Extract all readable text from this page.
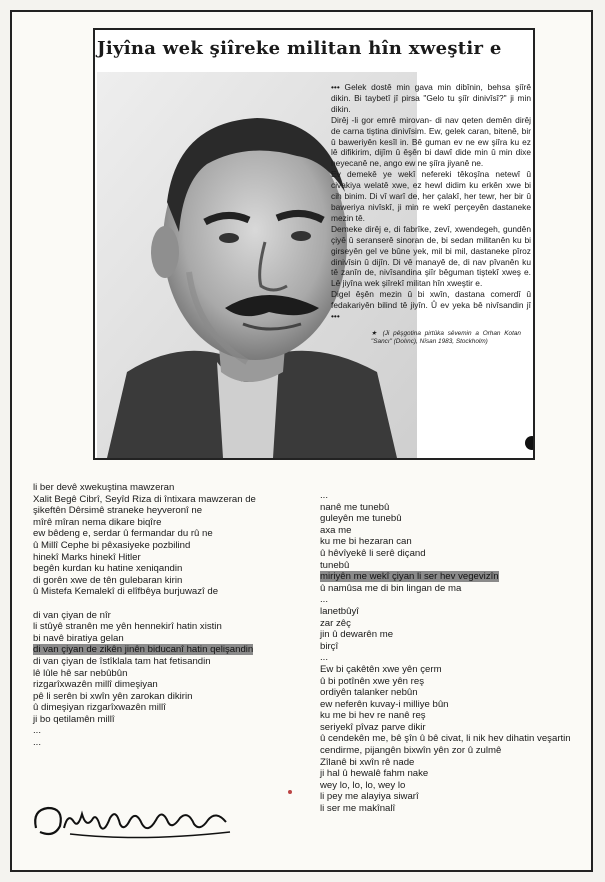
Jiyîna wek şiîreke militan hîn xweştir e

••• Gelek dostê min gava min dibînin, behsa şiîrê dikin. Bi taybetî jî pirsa "Gelo tu şiîr dinivîsî?" ji min dikin.

Dirêj -li gor emrê mirovan- di nav qeten demên dirêj de carna tiştina dinivîsim. Ew, gelek caran, bitenê, bir û baweriyên kesîl in. Bê guman ev ne ew şiîra ku ez lê difikirim, dijîm û êşên bi dawî dide min û min dixe heyecanê ne, ango ew ne şiîra jiyanê ne.

Ev demekê ye wekî nefereki têkoşîna netewî û civakiya welatê xwe, ez hewl didim ku erkên xwe bi cih binim. Di vî warî de, her çalakî, her tewr, her bir û baweriya nivîskî, ji min re wekî perçeyên dastaneke mezin tê.

Demeke dirêj e, di fabrîke, zevî, xwendegeh, gundên çiyê û seranserê sinoran de, bi sedan militanên ku bi girseyên gel ve bûne yek, mil bi mil, dastaneke pîroz dinivîsin û dijîn. Di vê manayê de, di nav pîvanên ku tê zanîn de, nivîsandina şiîr bêguman tiştekî xweş e. Lê jiyîna wek şiîrekî militan hîn xweştir e.

Digel êşên mezin û bi xwîn, dastana comerdî û fedakariyên bilind tê jiyîn. Û ev yeka bê nivîsandin jî •••

★ (Ji pêşgotina pirtûka sêvemin a Orhan Kotan "Sancı" (Dolınc), Nîsan 1983, Stockholm)

li ber devê xwekuştina mawzeran
Xalit Begê Cibrî, Seyîd Riza di întixara mawzeran de
şikeftên Dêrsimê straneke heyveronî ne
mîrê mîran nema dikare biqîre
ew bêdeng e, serdar û fermandar du rû ne
û Millî Cephe bi pêxasiyeke pozbilind
hinekî Marks hinekî Hitler
begên kurdan ku hatine xeniqandin
di gorên xwe de tên gulebaran kirin
û Mistefa Kemalekî di elîfbêya burjuwazî de
di van çiyan de nîr
li stûyê stranên me yên hennekirî hatin xistin
bi navê biratiya gelan
di van çiyan de zikên jinên biducanî hatin qelişandin
di van çiyan de îstîklala tam hat fetisandin
lê lûle hê sar nebûbûn
rizgarîxwazên millî dimeşiyan
pê li serên bi xwîn yên zarokan dikirin
û dimeşiyan rizgarîxwazên millî
ji bo qetilamên millî
...
...
...
nanê me tunebû
guleyên me tunebû
axa me
ku me bi hezaran can
û hêvîyekê li serê diçand
tunebû
miriyên me wekî çiyan li ser hev vegevizîn
û namûsa me di bin lingan de ma
...
lanetbûyî
zar zêç
jin û dewarên me
birçî
...
Ew bi çakêtên xwe yên çerm
û bi potînên xwe yên reş
ordiyên talanker nebûn
ew neferên kuvay-i milliye bûn
ku me bi hev re nanê reş
seriyekî pîvaz parve dikir
û cendekên me, bê şîn û bê civat, li nik hev dihatin veşartin
cendirme, pijangên bixwîn yên zor û zulmê
Zîlanê bi xwîn rê nade
ji hal û hewalê fahm nake
wey lo, lo, lo, wey lo
li pey me alayiya siwarî
li ser me makînalî
